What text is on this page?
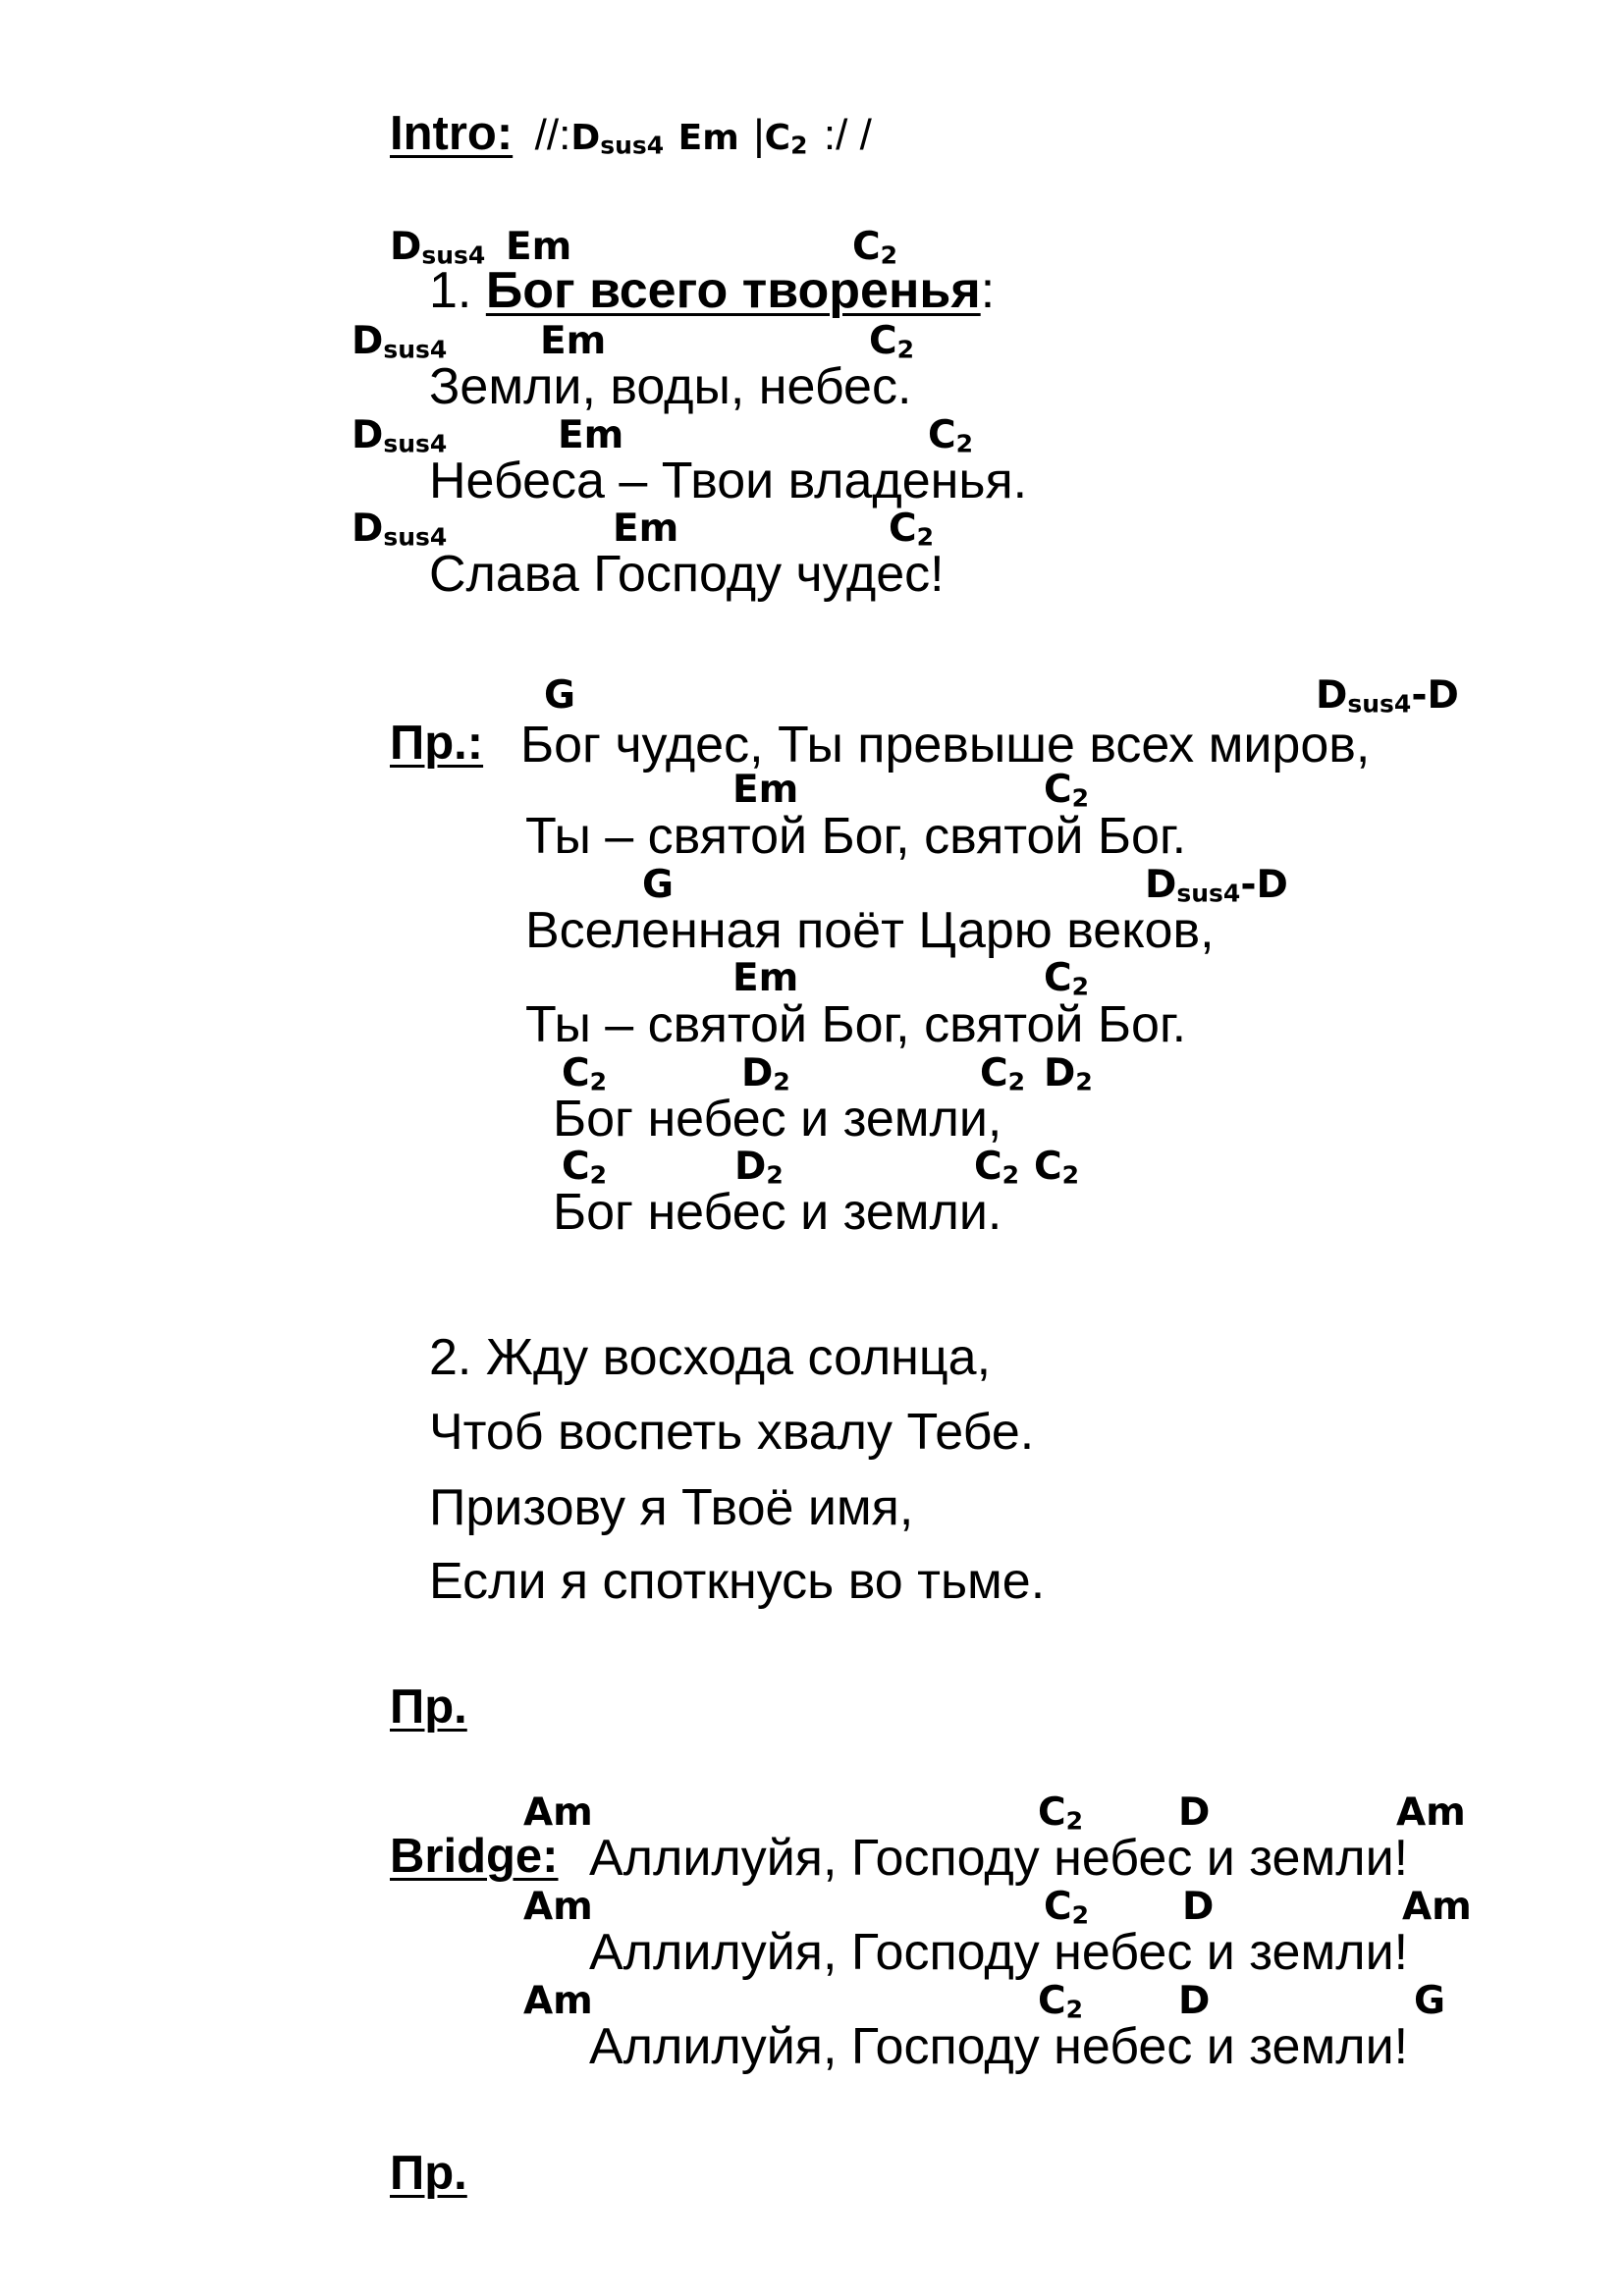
Intro: $//:D_{sus4}$ Em $|C_2$ :/ /
$D_{sus4}$ Em	$C_2$
1. Бог всего творенья:
$D_{sus4}$ Em	$C_2$
Земли, воды, небес.
$D_{sus4}$	Em	$C_2$
Небеса – Твои владенья.
$D_{sus4}$	Em	$C_2$
Слава Господу чудес!
G	$D_{sus4}-D$
Пр.: Бог чудес, Ты превыше всех миров,
Em	$C_2$
Ты – святой Бог, святой Бог.
G	$D_{sus4}-D$
Вселенная поёт Царю веков,
Em	$C_2$
Ты – святой Бог, святой Бог.
$C_2$	$D_2$	$C_2$ $D_2$
Бог небес и земли,
$C_2$	$D_2$	$C_2$ $C_2$
Бог небес и земли.
2. Жду восхода солнца,
Чтоб воспеть хвалу Тебе.
Призову я Твоё имя,
Если я споткнусь во тьме.
Пр.
Am	$C_2$ D	Am
Bridge: Аллилуйя, Господу небес и земли!
Am	$C_2$ D	Am
Аллилуйя, Господу небес и земли!
Am	$C_2$ D	G
Аллилуйя, Господу небес и земли!
Пр.
